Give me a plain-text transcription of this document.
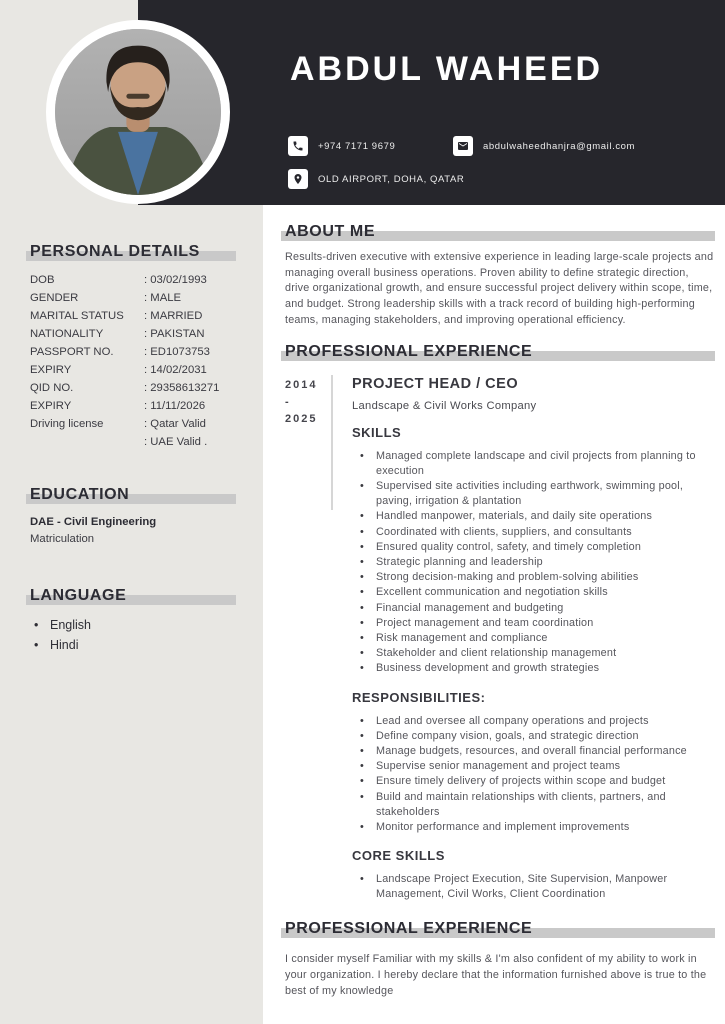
ABDUL WAHEED
+974 7171 9679	abdulwaheedhanjra@gmail.com
OLD AIRPORT, DOHA, QATAR
PERSONAL DETAILS
DOB	: 03/02/1993
GENDER	: MALE
MARITAL STATUS	: MARRIED
NATIONALITY	: PAKISTAN
PASSPORT NO.	: ED1073753
EXPIRY	: 14/02/2031
QID NO.	: 29358613271
EXPIRY	: 11/11/2026
Driving license	: Qatar Valid
: UAE Valid .
EDUCATION
DAE - Civil Engineering
Matriculation
LANGUAGE
• English
• Hindi
ABOUT ME

Results-driven executive with extensive experience in leading large-scale projects and managing overall business operations. Proven ability to define strategic direction, drive organizational growth, and ensure successful project delivery within scope, time, and budget. Strong leadership skills with a track record of building high-performing teams, managing stakeholders, and improving operational efficiency.

PROFESSIONAL EXPERIENCE
2014
-
2025
PROJECT HEAD / CEO

Landscape & Civil Works Company

SKILLS
• Managed complete landscape and civil projects from planning to execution
• Supervised site activities including earthwork, swimming pool, paving, irrigation & plantation
• Handled manpower, materials, and daily site operations
• Coordinated with clients, suppliers, and consultants
• Ensured quality control, safety, and timely completion
• Strategic planning and leadership
• Strong decision-making and problem-solving abilities
• Excellent communication and negotiation skills
• Financial management and budgeting
• Project management and team coordination
• Risk management and compliance
• Stakeholder and client relationship management
• Business development and growth strategies
RESPONSIBILITIES:
• Lead and oversee all company operations and projects
• Define company vision, goals, and strategic direction
• Manage budgets, resources, and overall financial performance
• Supervise senior management and project teams
• Ensure timely delivery of projects within scope and budget
• Build and maintain relationships with clients, partners, and stakeholders
• Monitor performance and implement improvements
CORE SKILLS
• Landscape Project Execution, Site Supervision, Manpower Management, Civil Works, Client Coordination
PROFESSIONAL EXPERIENCE

I consider myself Familiar with my skills & I'm also confident of my ability to work in your organization. I hereby declare that the information furnished above is true to the best of my knowledge
